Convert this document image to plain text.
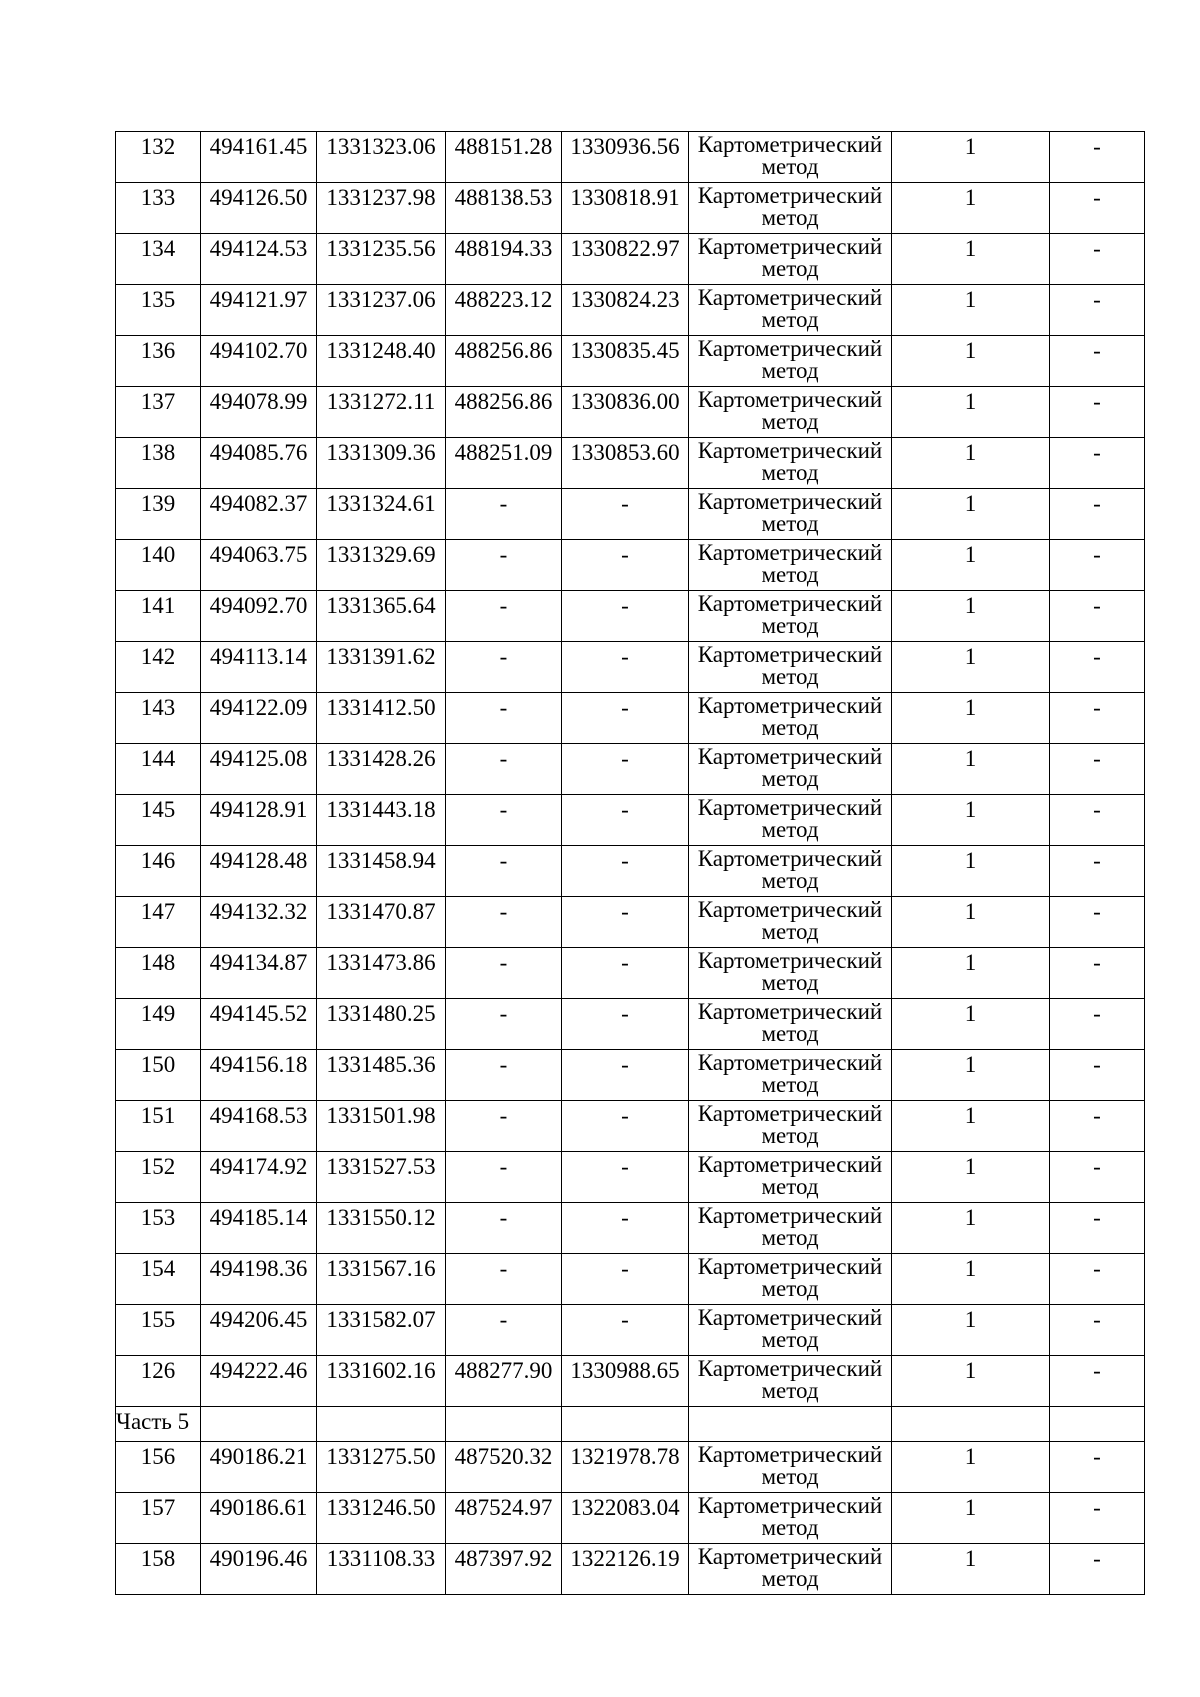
132	494161.45	1331323.06	488151.28	1330936.56	Картометрический
метод	1	-

133	494126.50	1331237.98	488138.53	1330818.91	Картометрический
метод	1	-

134	494124.53	1331235.56	488194.33	1330822.97	Картометрический
метод	1	-

135	494121.97	1331237.06	488223.12	1330824.23	Картометрический
метод	1	-

136	494102.70	1331248.40	488256.86	1330835.45	Картометрический
метод	1	-

137	494078.99	1331272.11	488256.86	1330836.00	Картометрический
метод	1	-

138	494085.76	1331309.36	488251.09	1330853.60	Картометрический
метод	1	-

139	494082.37	1331324.61	-	-	Картометрический
метод	1	-

140	494063.75	1331329.69	-	-	Картометрический
метод	1	-

141	494092.70	1331365.64	-	-	Картометрический
метод	1	-

142	494113.14	1331391.62	-	-	Картометрический
метод	1	-

143	494122.09	1331412.50	-	-	Картометрический
метод	1	-

144	494125.08	1331428.26	-	-	Картометрический
метод	1	-

145	494128.91	1331443.18	-	-	Картометрический
метод	1	-

146	494128.48	1331458.94	-	-	Картометрический
метод	1	-

147	494132.32	1331470.87	-	-	Картометрический
метод	1	-

148	494134.87	1331473.86	-	-	Картометрический
метод	1	-

149	494145.52	1331480.25	-	-	Картометрический
метод	1	-

150	494156.18	1331485.36	-	-	Картометрический
метод	1	-

151	494168.53	1331501.98	-	-	Картометрический
метод	1	-

152	494174.92	1331527.53	-	-	Картометрический
метод	1	-

153	494185.14	1331550.12	-	-	Картометрический
метод	1	-

154	494198.36	1331567.16	-	-	Картометрический
метод	1	-

155	494206.45	1331582.07	-	-	Картометрический
метод	1	-

126	494222.46	1331602.16	488277.90	1330988.65	Картометрический
метод	1	-

Часть 5							

156	490186.21	1331275.50	487520.32	1321978.78	Картометрический
метод	1	-

157	490186.61	1331246.50	487524.97	1322083.04	Картометрический
метод	1	-

158	490196.46	1331108.33	487397.92	1322126.19	Картометрический
метод	1	-
